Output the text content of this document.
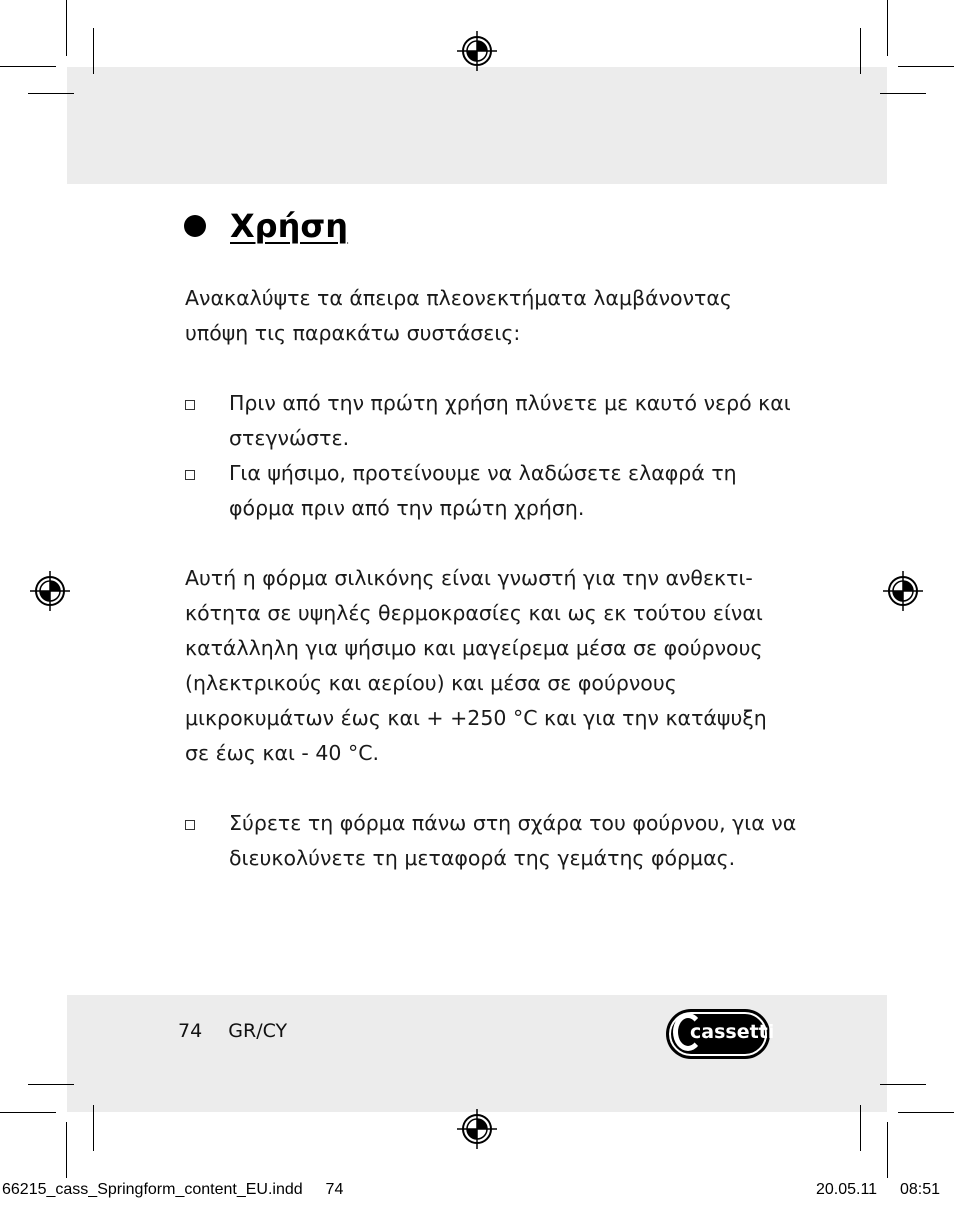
Χρήση

Ανακαλύψτε τα άπειρα πλεονεκτήματα λαμβάνοντας υπόψη τις παρακάτω συστάσεις:

Πριν από την πρώτη χρήση πλύνετε με καυτό νερό και στεγνώστε.
Για ψήσιμο, προτείνουμε να λαδώσετε ελαφρά τη φόρμα πριν από την πρώτη χρήση.

Αυτή η φόρμα σιλικόνης είναι γνωστή για την ανθεκτι-κότητα σε υψηλές θερμοκρασίες και ως εκ τούτου είναι κατάλληλη για ψήσιμο και μαγείρεμα μέσα σε φούρνους (ηλεκτρικούς και αερίου) και μέσα σε φούρνους μικροκυμάτων έως και + +250 °C και για την κατάψυξη σε έως και - 40 °C.

Σύρετε τη φόρμα πάνω στη σχάρα του φούρνου, για να διευκολύνετε τη μεταφορά της γεμάτης φόρμας.
74 GR/CY	cassetti
66215_cass_Springform_content_EU.indd 74	20.05.11 08:51
